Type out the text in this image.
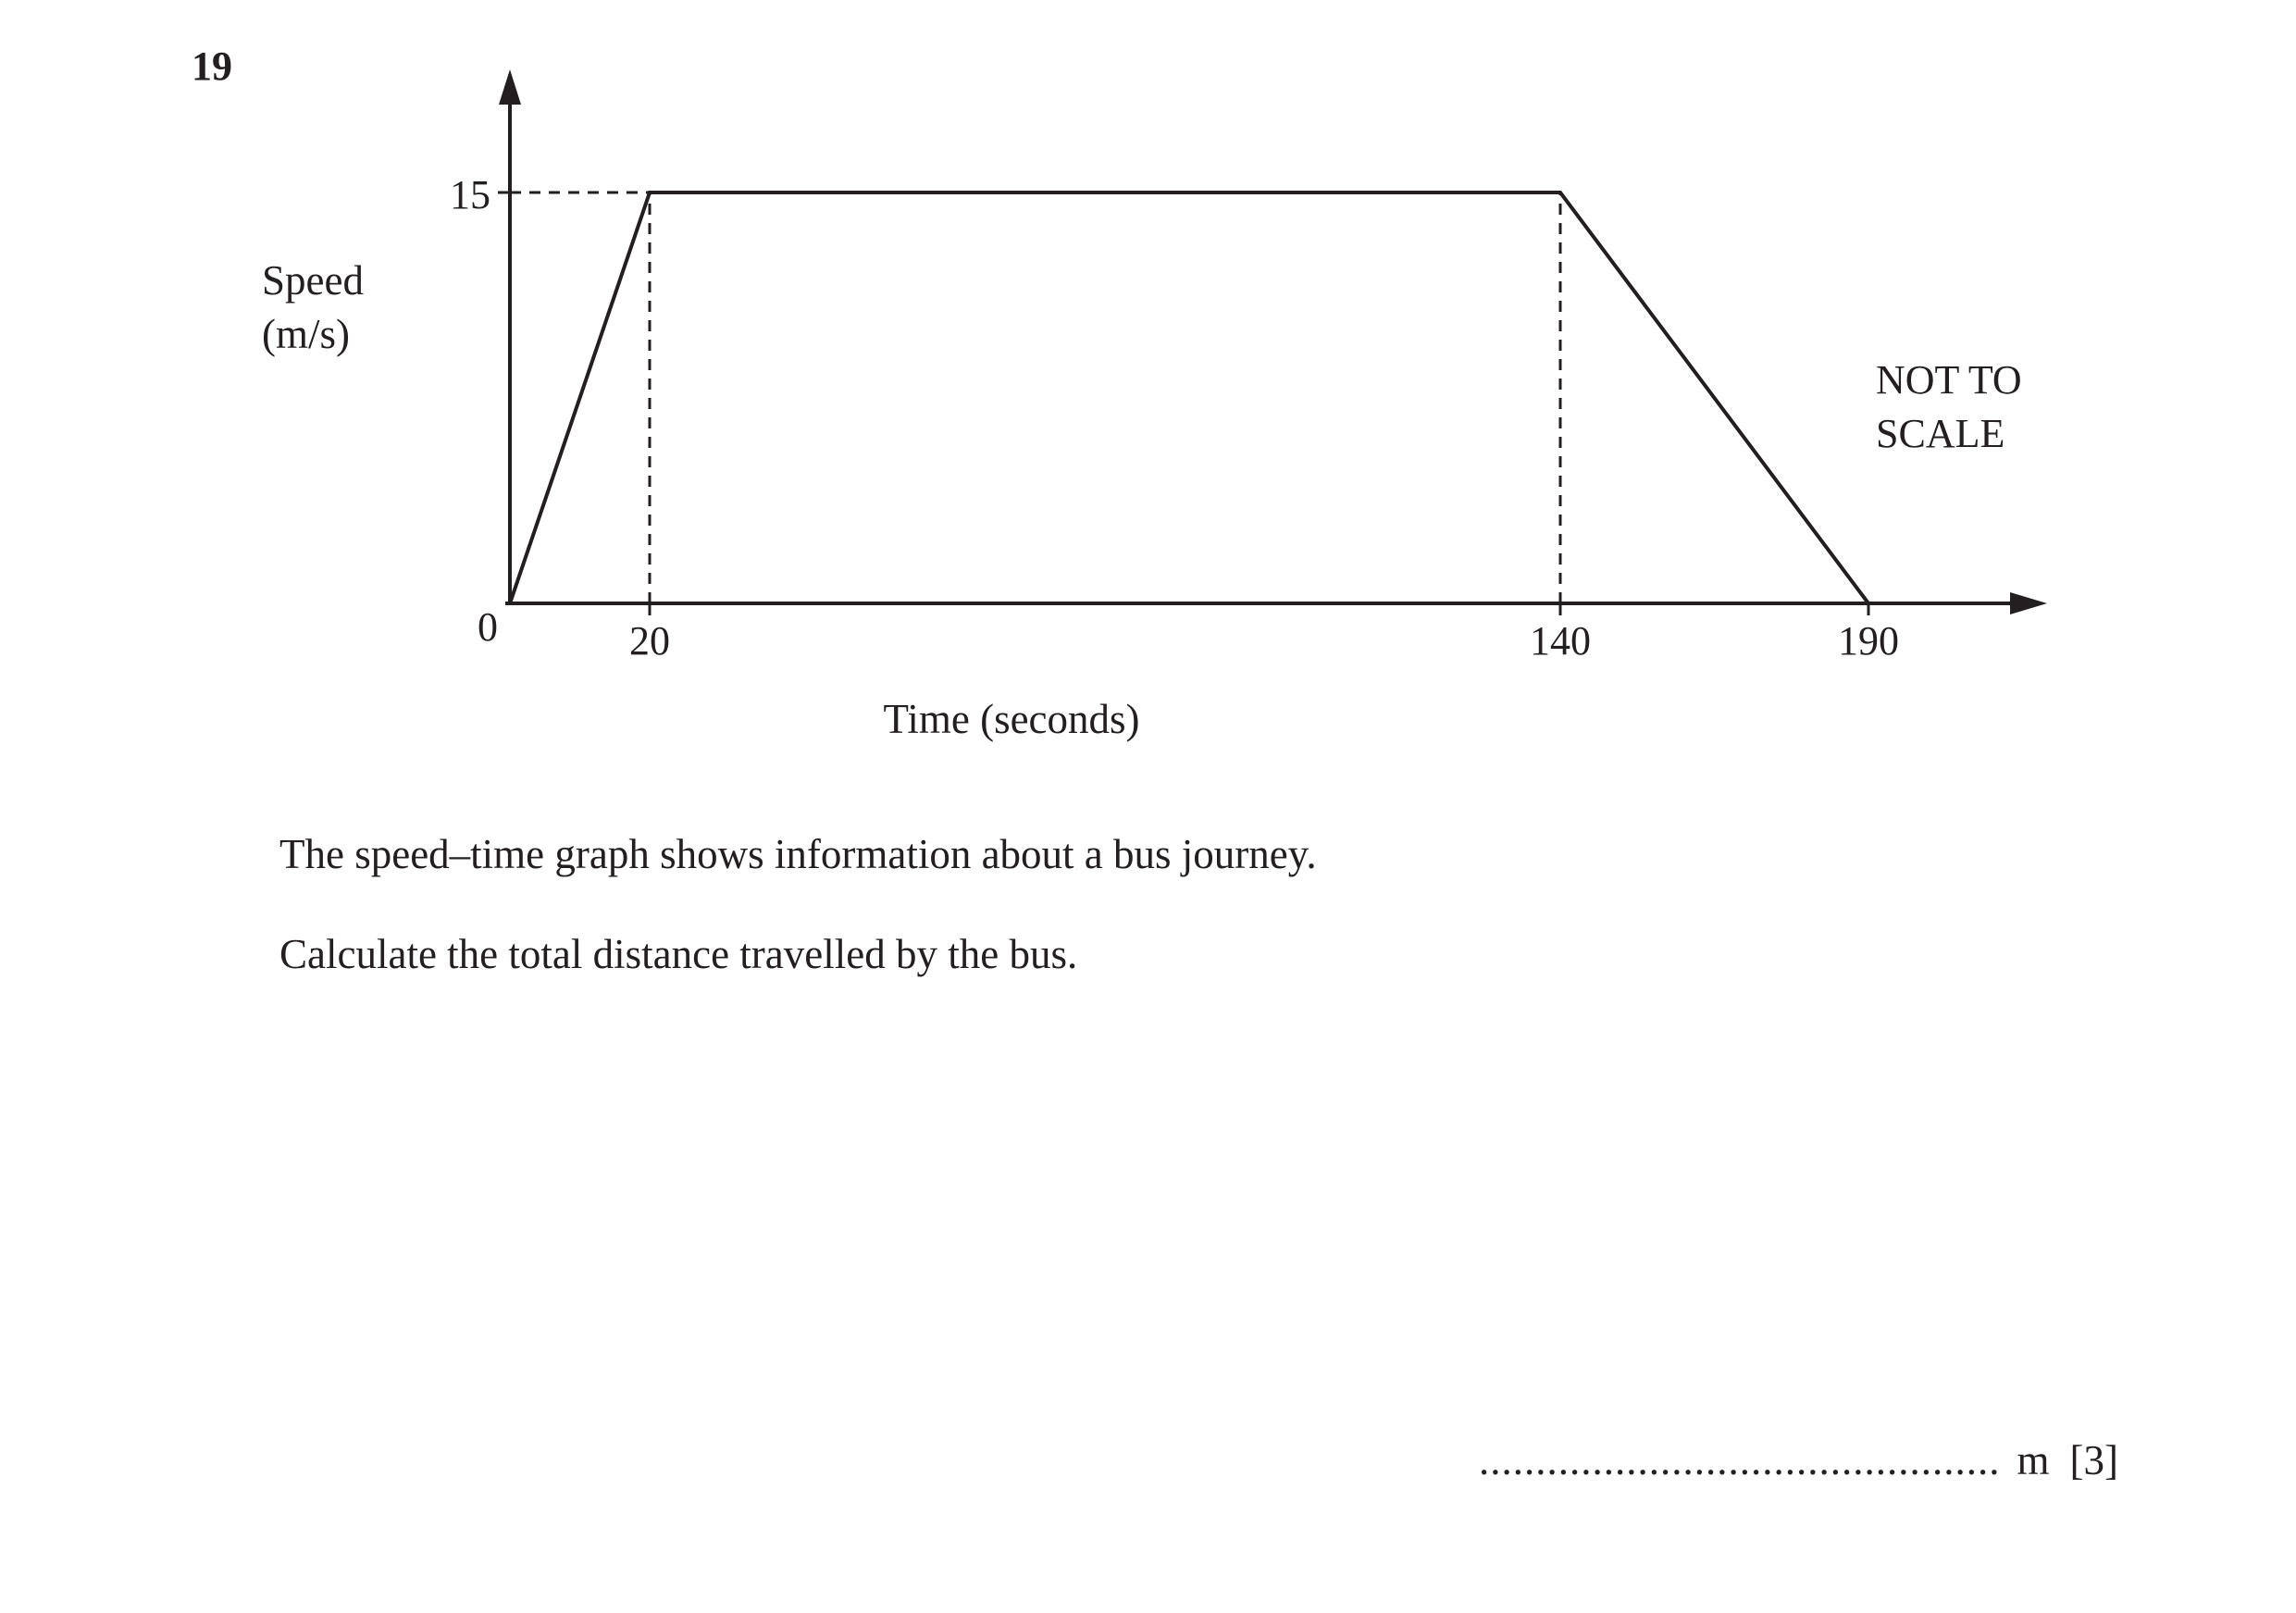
19
15
0	20	140	190
Speed
(m/s)
Time (seconds)
NOT TO
SCALE
The speed–time graph shows information about a bus journey.
Calculate the total distance travelled by the bus.
.............................................. m [3]
